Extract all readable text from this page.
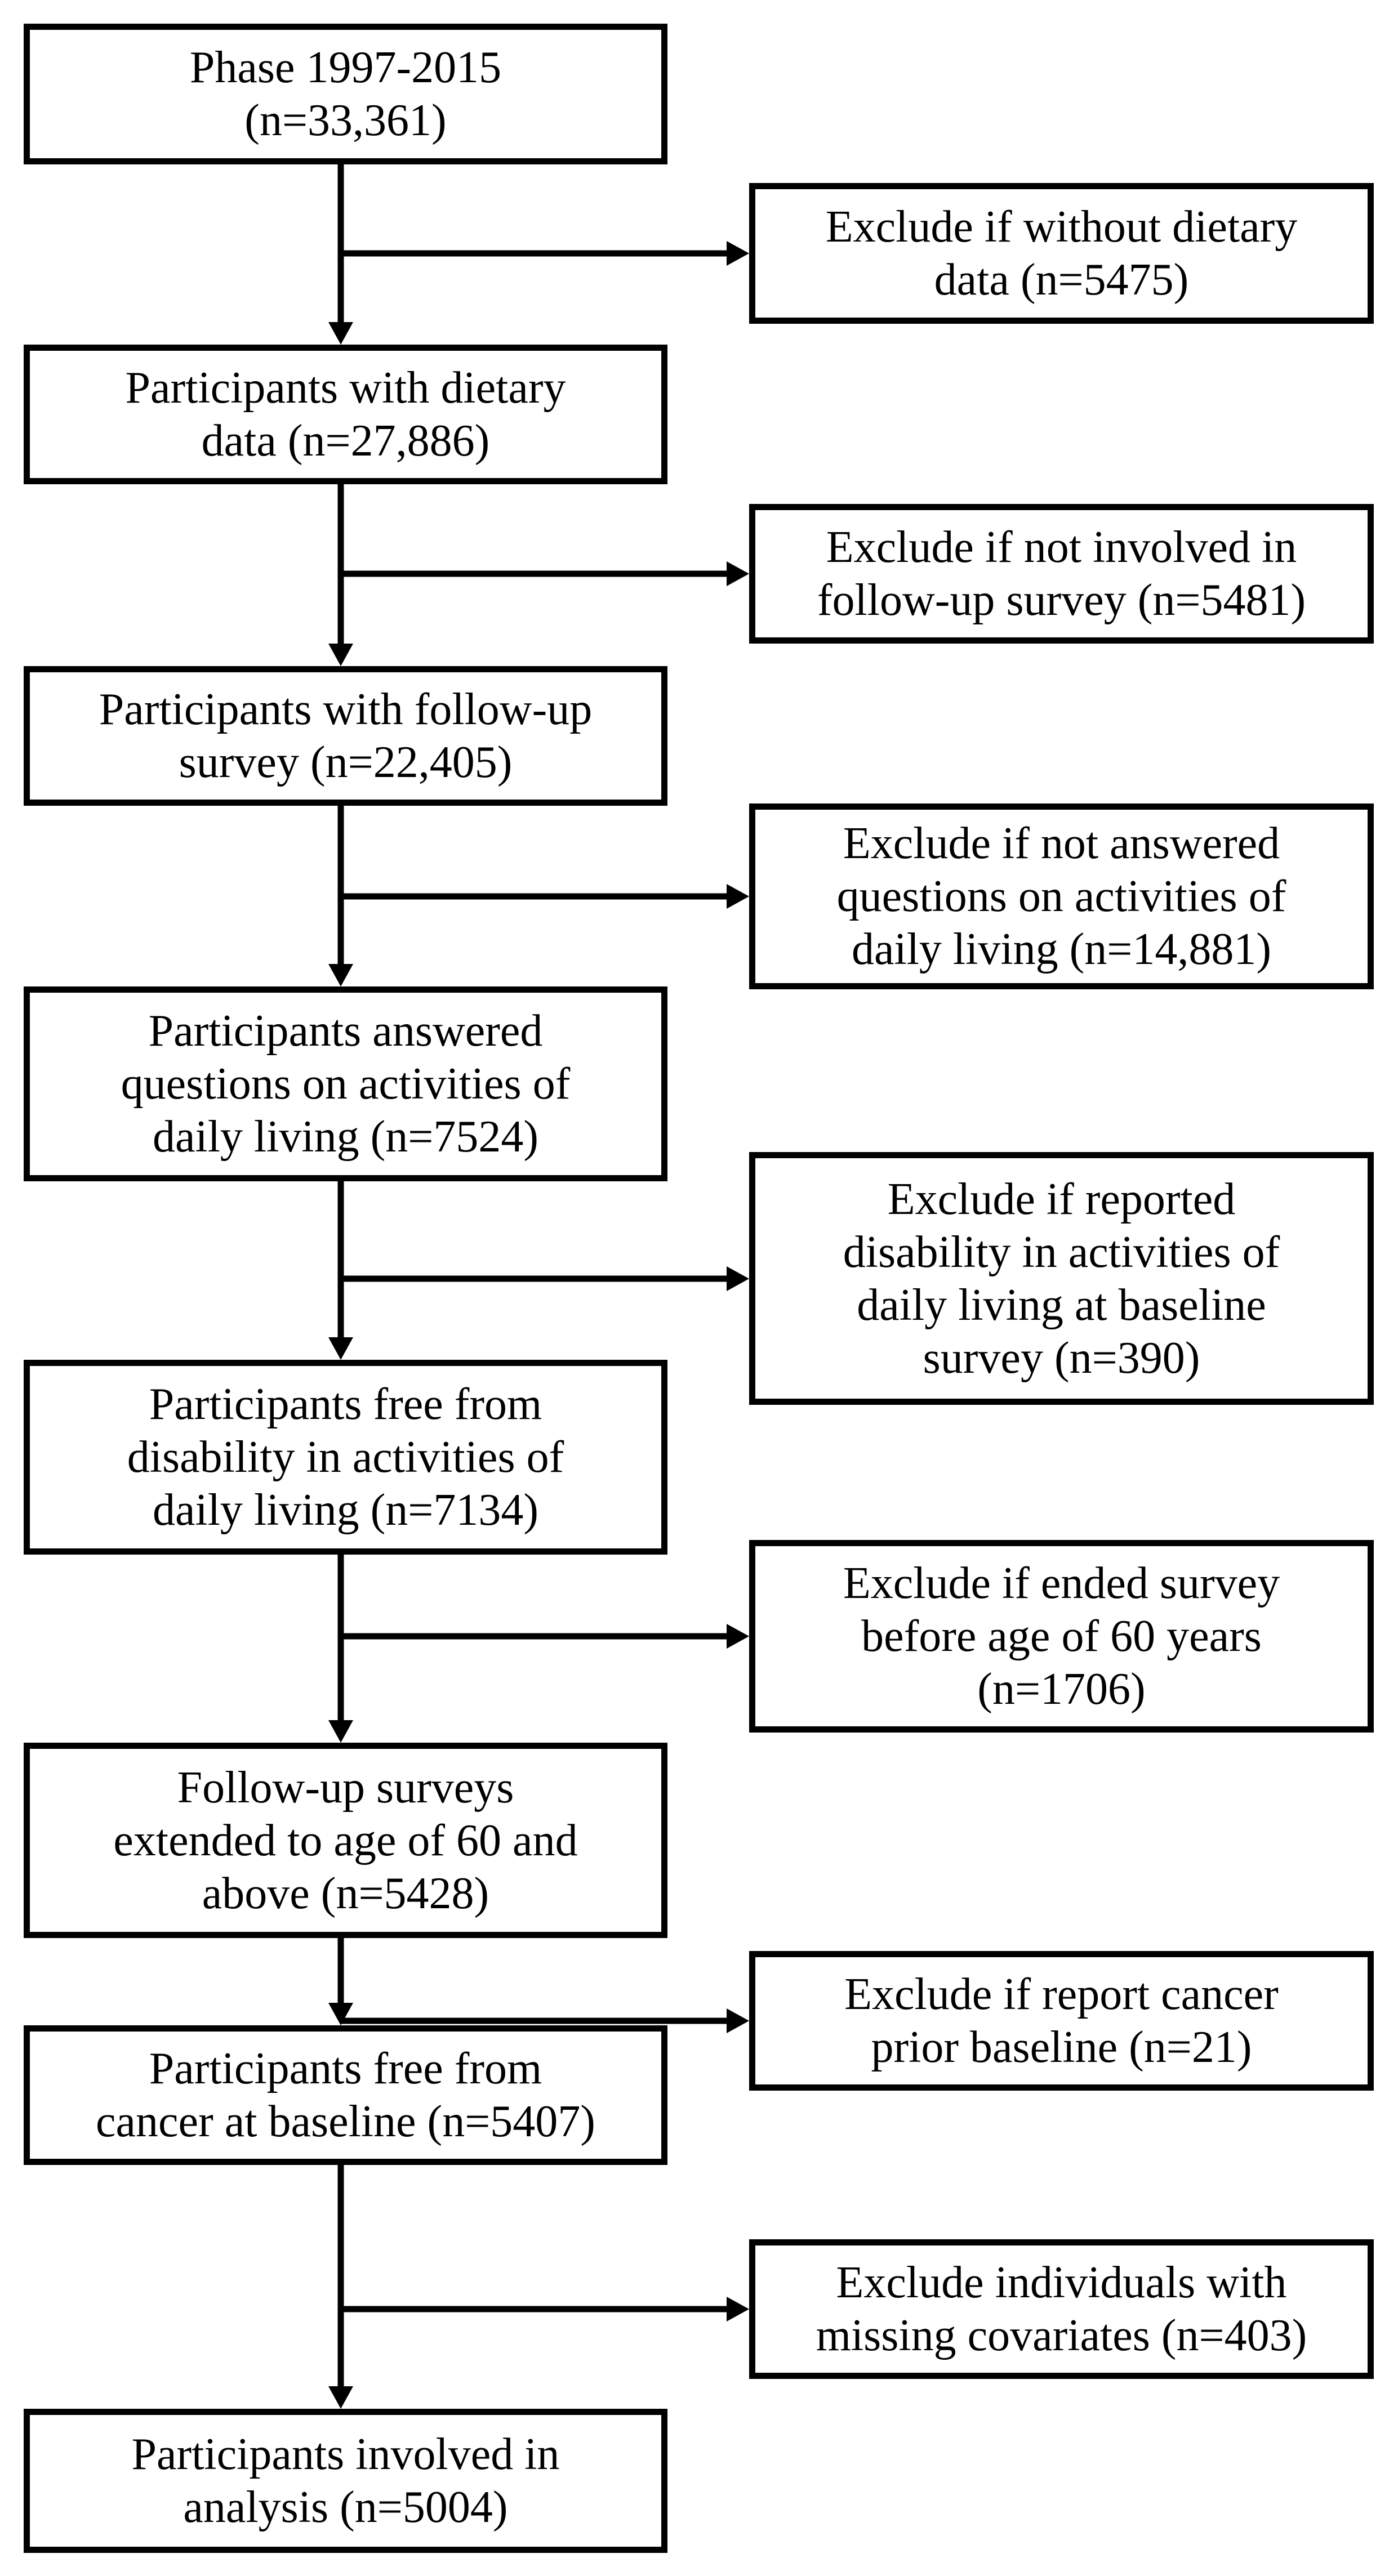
Phase 1997-2015
(n=33,361)
Participants with dietary
data (n=27,886)
Participants with follow-up
survey (n=22,405)
Participants answered
questions on activities of
daily living (n=7524)
Participants free from
disability in activities of
daily living (n=7134)
Follow-up surveys
extended to age of 60 and
above (n=5428)
Participants free from
cancer at baseline (n=5407)
Participants involved in
analysis (n=5004)
Exclude if without dietary
data (n=5475)
Exclude if not involved in
follow-up survey (n=5481)
Exclude if not answered
questions on activities of
daily living (n=14,881)
Exclude if reported
disability in activities of
daily living at baseline
survey (n=390)
Exclude if ended survey
before age of 60 years
(n=1706)
Exclude if report cancer
prior baseline (n=21)
Exclude individuals with
missing covariates (n=403)
